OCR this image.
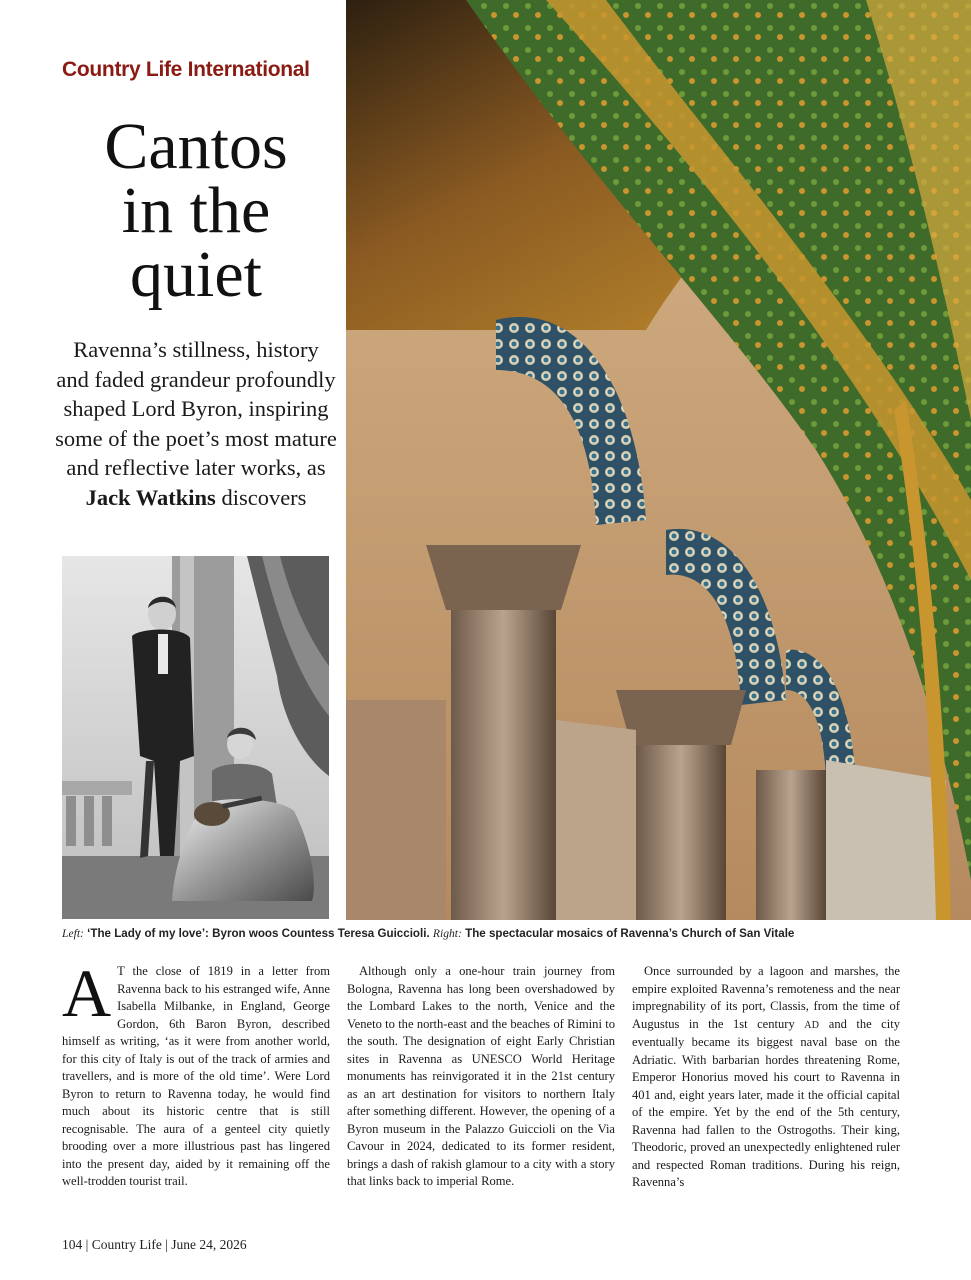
Country Life International
Cantos
in the
quiet
Ravenna’s stillness, history and faded grandeur profoundly shaped Lord Byron, inspiring some of the poet’s most mature and reflective later works, as Jack Watkins discovers
Left: ‘The Lady of my love’: Byron woos Countess Teresa Guiccioli. Right: The spectacular mosaics of Ravenna’s Church of San Vitale

A T the close of 1819 in a letter from Ravenna back to his estranged wife, Anne Isabella Milbanke, in England, George Gordon, 6th Baron Byron, described himself as writing, ‘as it were from another world, for this city of Italy is out of the track of armies and travellers, and is more of the old time’. Were Lord Byron to return to Ravenna today, he would find much about its historic centre that is still recognisable. The aura of a genteel city quietly brooding over a more illustrious past has lingered into the present day, aided by it remaining off the well-trodden tourist trail.

Although only a one-hour train journey from Bologna, Ravenna has long been overshadowed by the Lombard Lakes to the north, Venice and the Veneto to the north-east and the beaches of Rimini to the south. The designation of eight Early Christian sites in Ravenna as UNESCO World Heritage monuments has reinvigorated it in the 21st century as an art destination for visitors to northern Italy after something different. However, the opening of a Byron museum in the Palazzo Guiccioli on the Via Cavour in 2024, dedicated to its former resident, brings a dash of rakish glamour to a city with a story that links back to imperial Rome.

Once surrounded by a lagoon and marshes, the empire exploited Ravenna’s remoteness and the near impregnability of its port, Classis, from the time of Augustus in the 1st century AD and the city eventually became its biggest naval base on the Adriatic. With barbarian hordes threatening Rome, Emperor Honorius moved his court to Ravenna in 401 and, eight years later, made it the official capital of the empire. Yet by the end of the 5th century, Ravenna had fallen to the Ostrogoths. Their king, Theodoric, proved an unexpectedly enlightened ruler and respected Roman traditions. During his reign, Ravenna’s

104 | Country Life | June 24, 2026
